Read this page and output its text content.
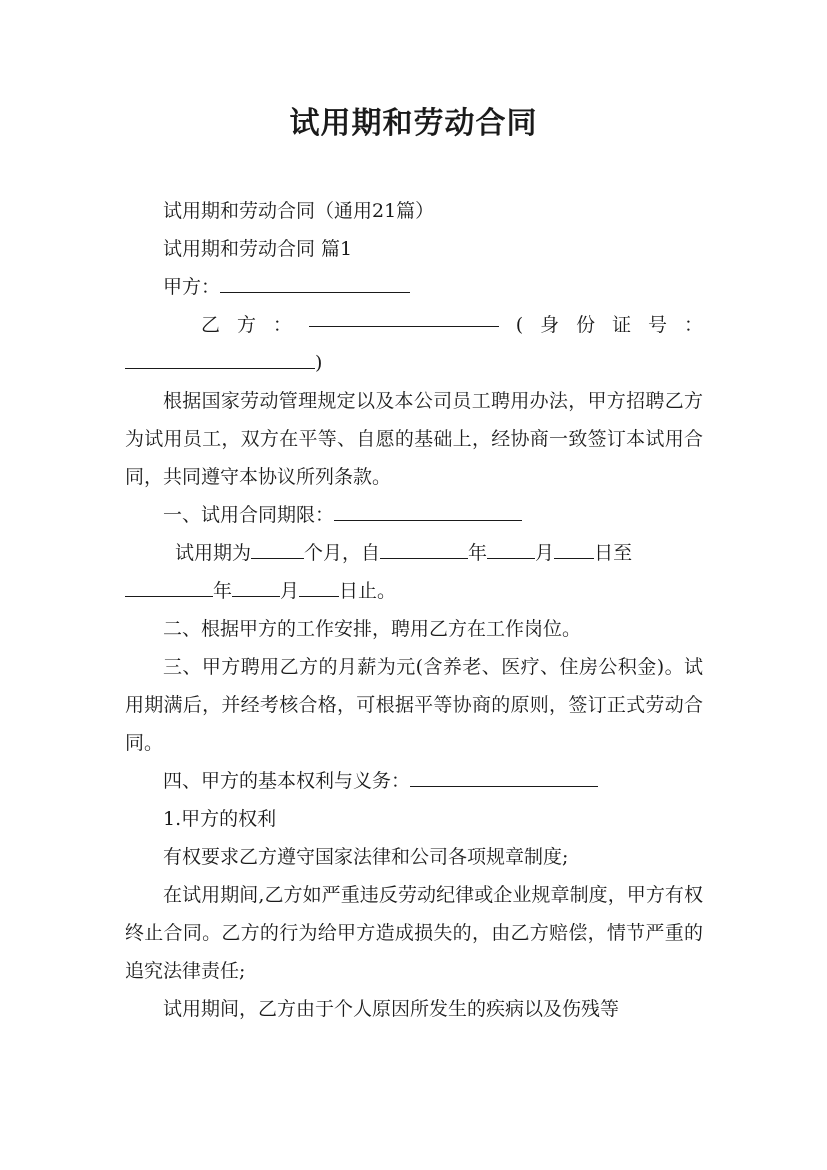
试用期和劳动合同

试用期和劳动合同（通用21篇）

试用期和劳动合同 篇1

甲方：

乙 方 ：	( 身 份 证 号 ：

)

根据国家劳动管理规定以及本公司员工聘用办法，甲方招聘乙方为试用员工，双方在平等、自愿的基础上，经协商一致签订本试用合同，共同遵守本协议所列条款。

一、试用合同期限：

试用期为	个月，自	年	月 日至

年	月 日止。

二、根据甲方的工作安排，聘用乙方在工作岗位。

三、甲方聘用乙方的月薪为元(含养老、医疗、住房公积金)。试用期满后，并经考核合格，可根据平等协商的原则，签订正式劳动合同。

四、甲方的基本权利与义务：

1.甲方的权利

有权要求乙方遵守国家法律和公司各项规章制度;

在试用期间,乙方如严重违反劳动纪律或企业规章制度，甲方有权终止合同。乙方的行为给甲方造成损失的，由乙方赔偿，情节严重的追究法律责任;

试用期间，乙方由于个人原因所发生的疾病以及伤残等
